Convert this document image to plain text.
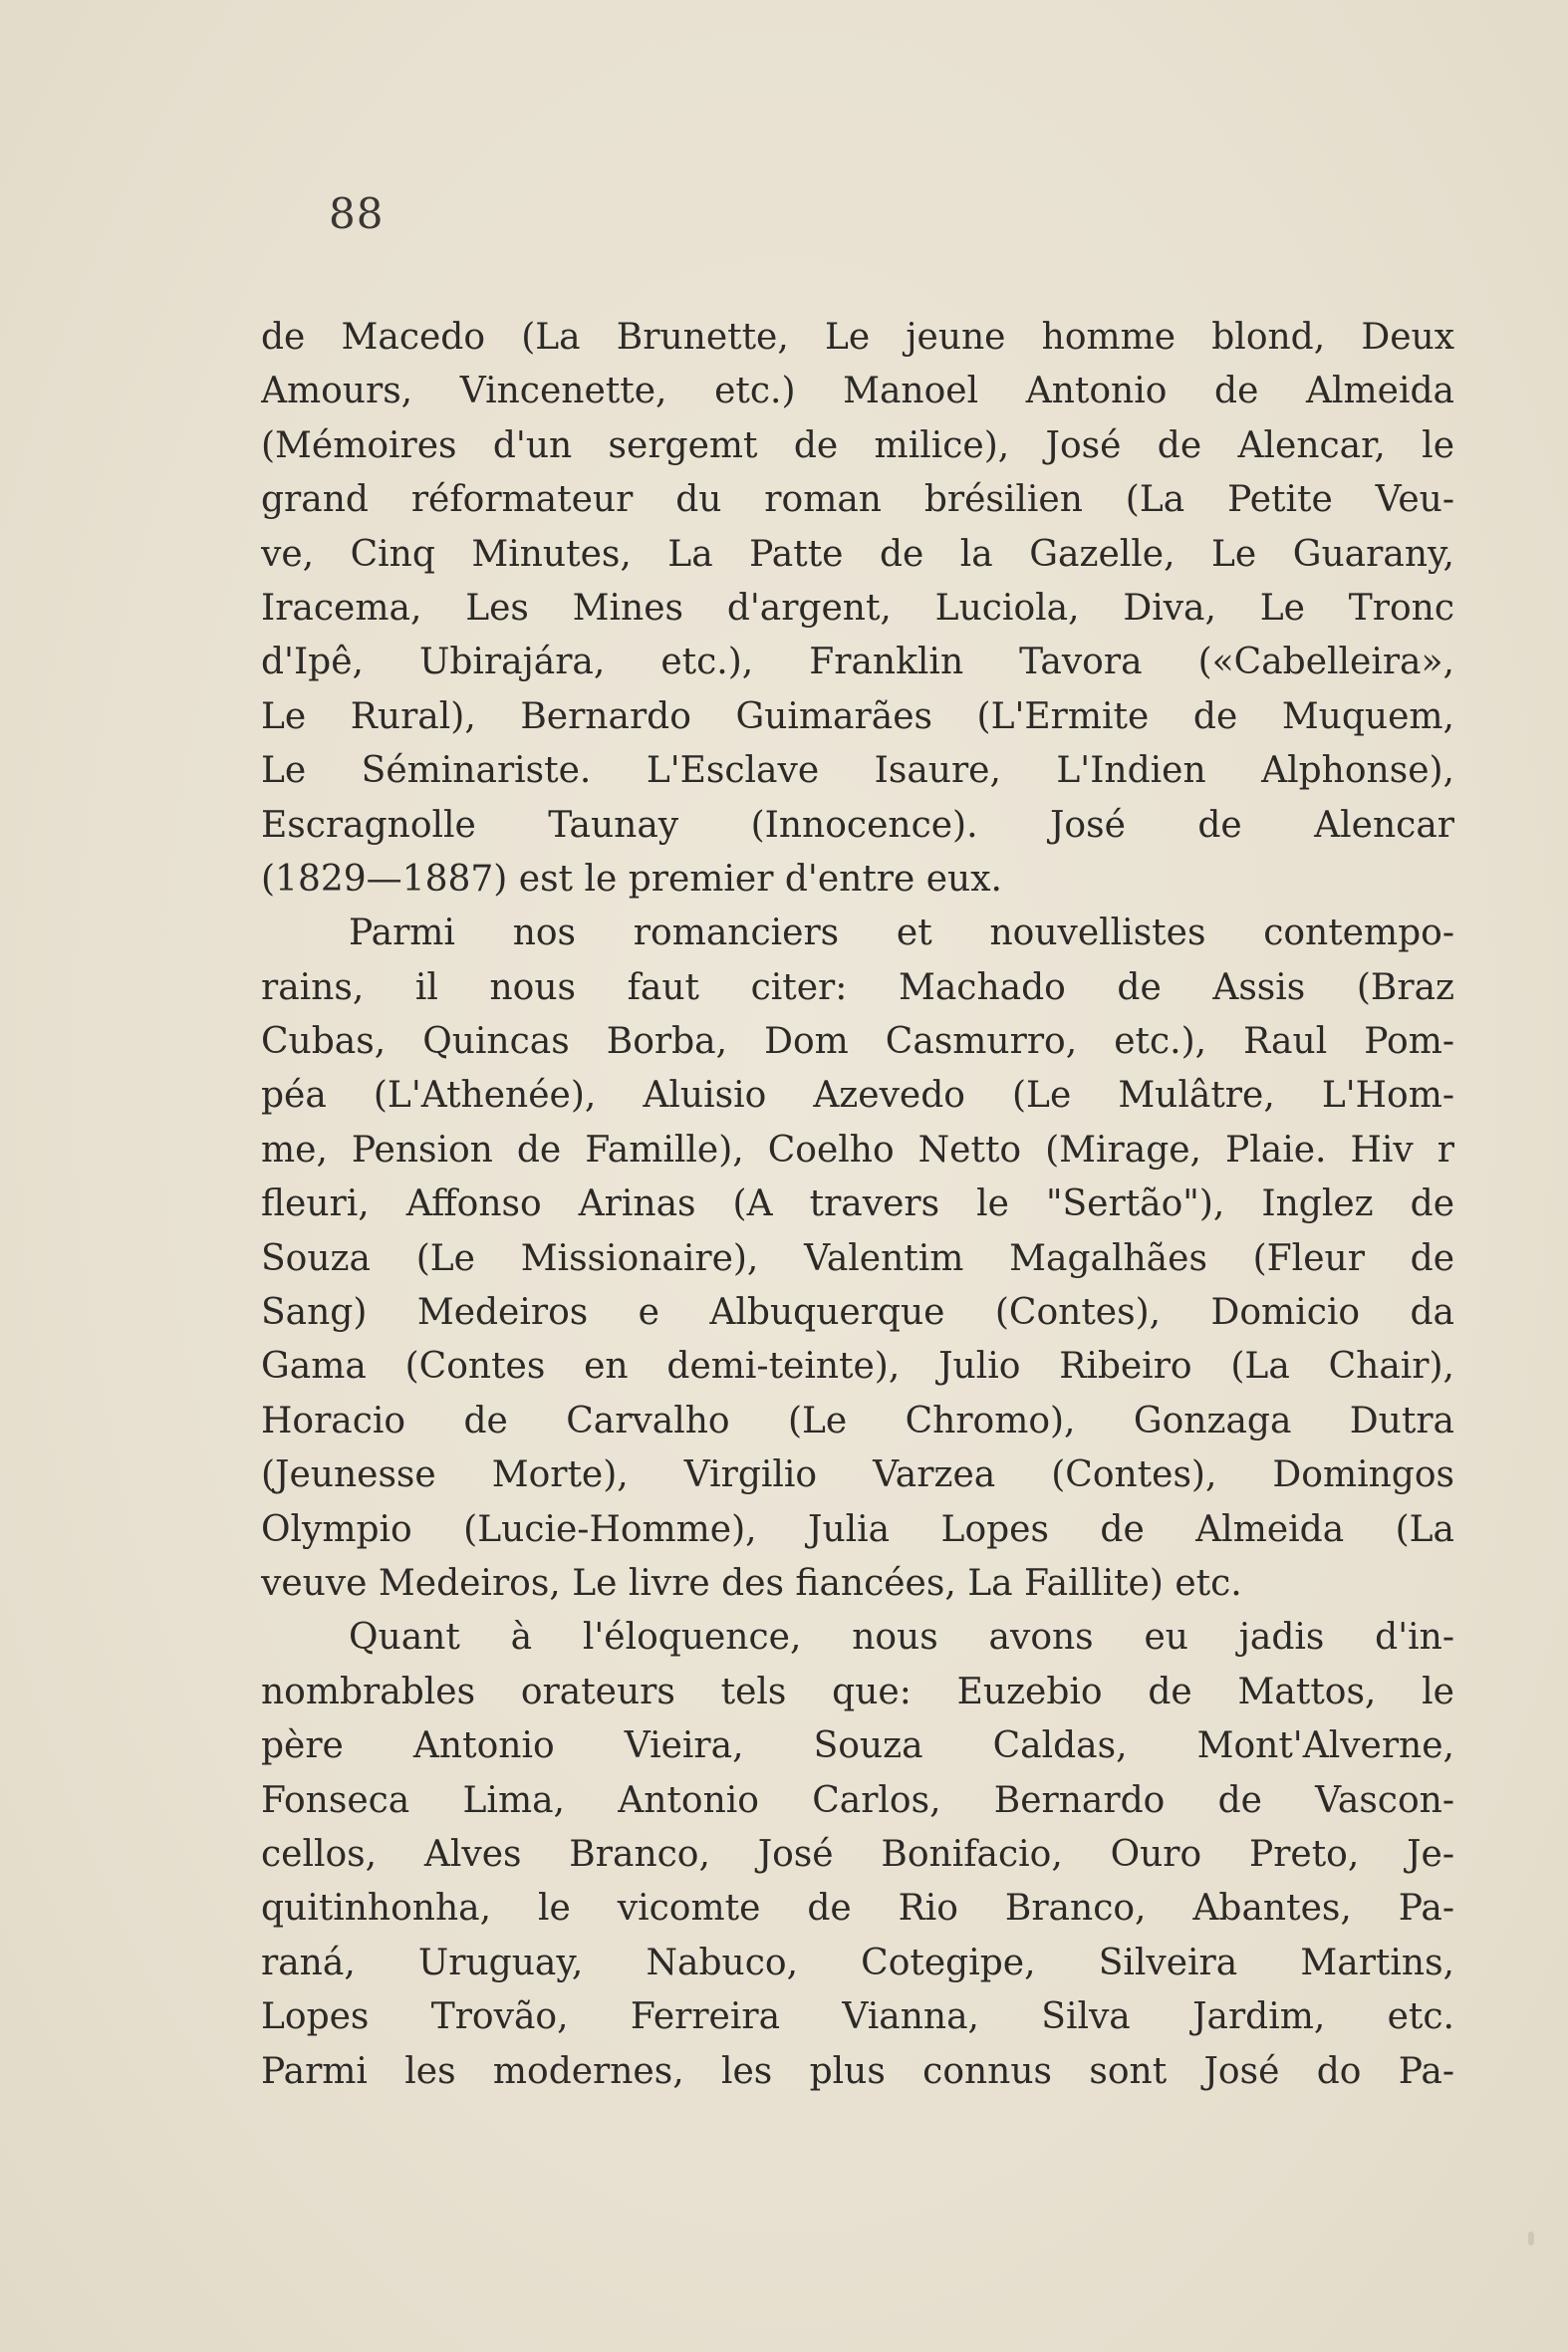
88
de Macedo (La Brunette, Le jeune homme blond, Deux
Amours, Vincenette, etc.) Manoel Antonio de Almeida
(Mémoires d'un sergemt de milice), José de Alencar, le
grand réformateur du roman brésilien (La Petite Veu-
ve, Cinq Minutes, La Patte de la Gazelle, Le Guarany,
Iracema, Les Mines d'argent, Luciola, Diva, Le Tronc
d'Ipê, Ubirajára, etc.), Franklin Tavora («Cabelleira»,
Le Rural), Bernardo Guimarães (L'Ermite de Muquem,
Le Séminariste. L'Esclave Isaure, L'Indien Alphonse),
Escragnolle Taunay (Innocence). José de Alencar
(1829—1887) est le premier d'entre eux.
Parmi nos romanciers et nouvellistes contempo-
rains, il nous faut citer: Machado de Assis (Braz
Cubas, Quincas Borba, Dom Casmurro, etc.), Raul Pom-
péa (L'Athenée), Aluisio Azevedo (Le Mulâtre, L'Hom-
me, Pension de Famille), Coelho Netto (Mirage, Plaie. Hiv r
fleuri, Affonso Arinas (A travers le "Sertão"), Inglez de
Souza (Le Missionaire), Valentim Magalhães (Fleur de
Sang) Medeiros e Albuquerque (Contes), Domicio da
Gama (Contes en demi-teinte), Julio Ribeiro (La Chair),
Horacio de Carvalho (Le Chromo), Gonzaga Dutra
(Jeunesse Morte), Virgilio Varzea (Contes), Domingos
Olympio (Lucie-Homme), Julia Lopes de Almeida (La
veuve Medeiros, Le livre des fiancées, La Faillite) etc.
Quant à l'éloquence, nous avons eu jadis d'in-
nombrables orateurs tels que: Euzebio de Mattos, le
père Antonio Vieira, Souza Caldas, Mont'Alverne,
Fonseca Lima, Antonio Carlos, Bernardo de Vascon-
cellos, Alves Branco, José Bonifacio, Ouro Preto, Je-
quitinhonha, le vicomte de Rio Branco, Abantes, Pa-
raná, Uruguay, Nabuco, Cotegipe, Silveira Martins,
Lopes Trovão, Ferreira Vianna, Silva Jardim, etc.
Parmi les modernes, les plus connus sont José do Pa-
